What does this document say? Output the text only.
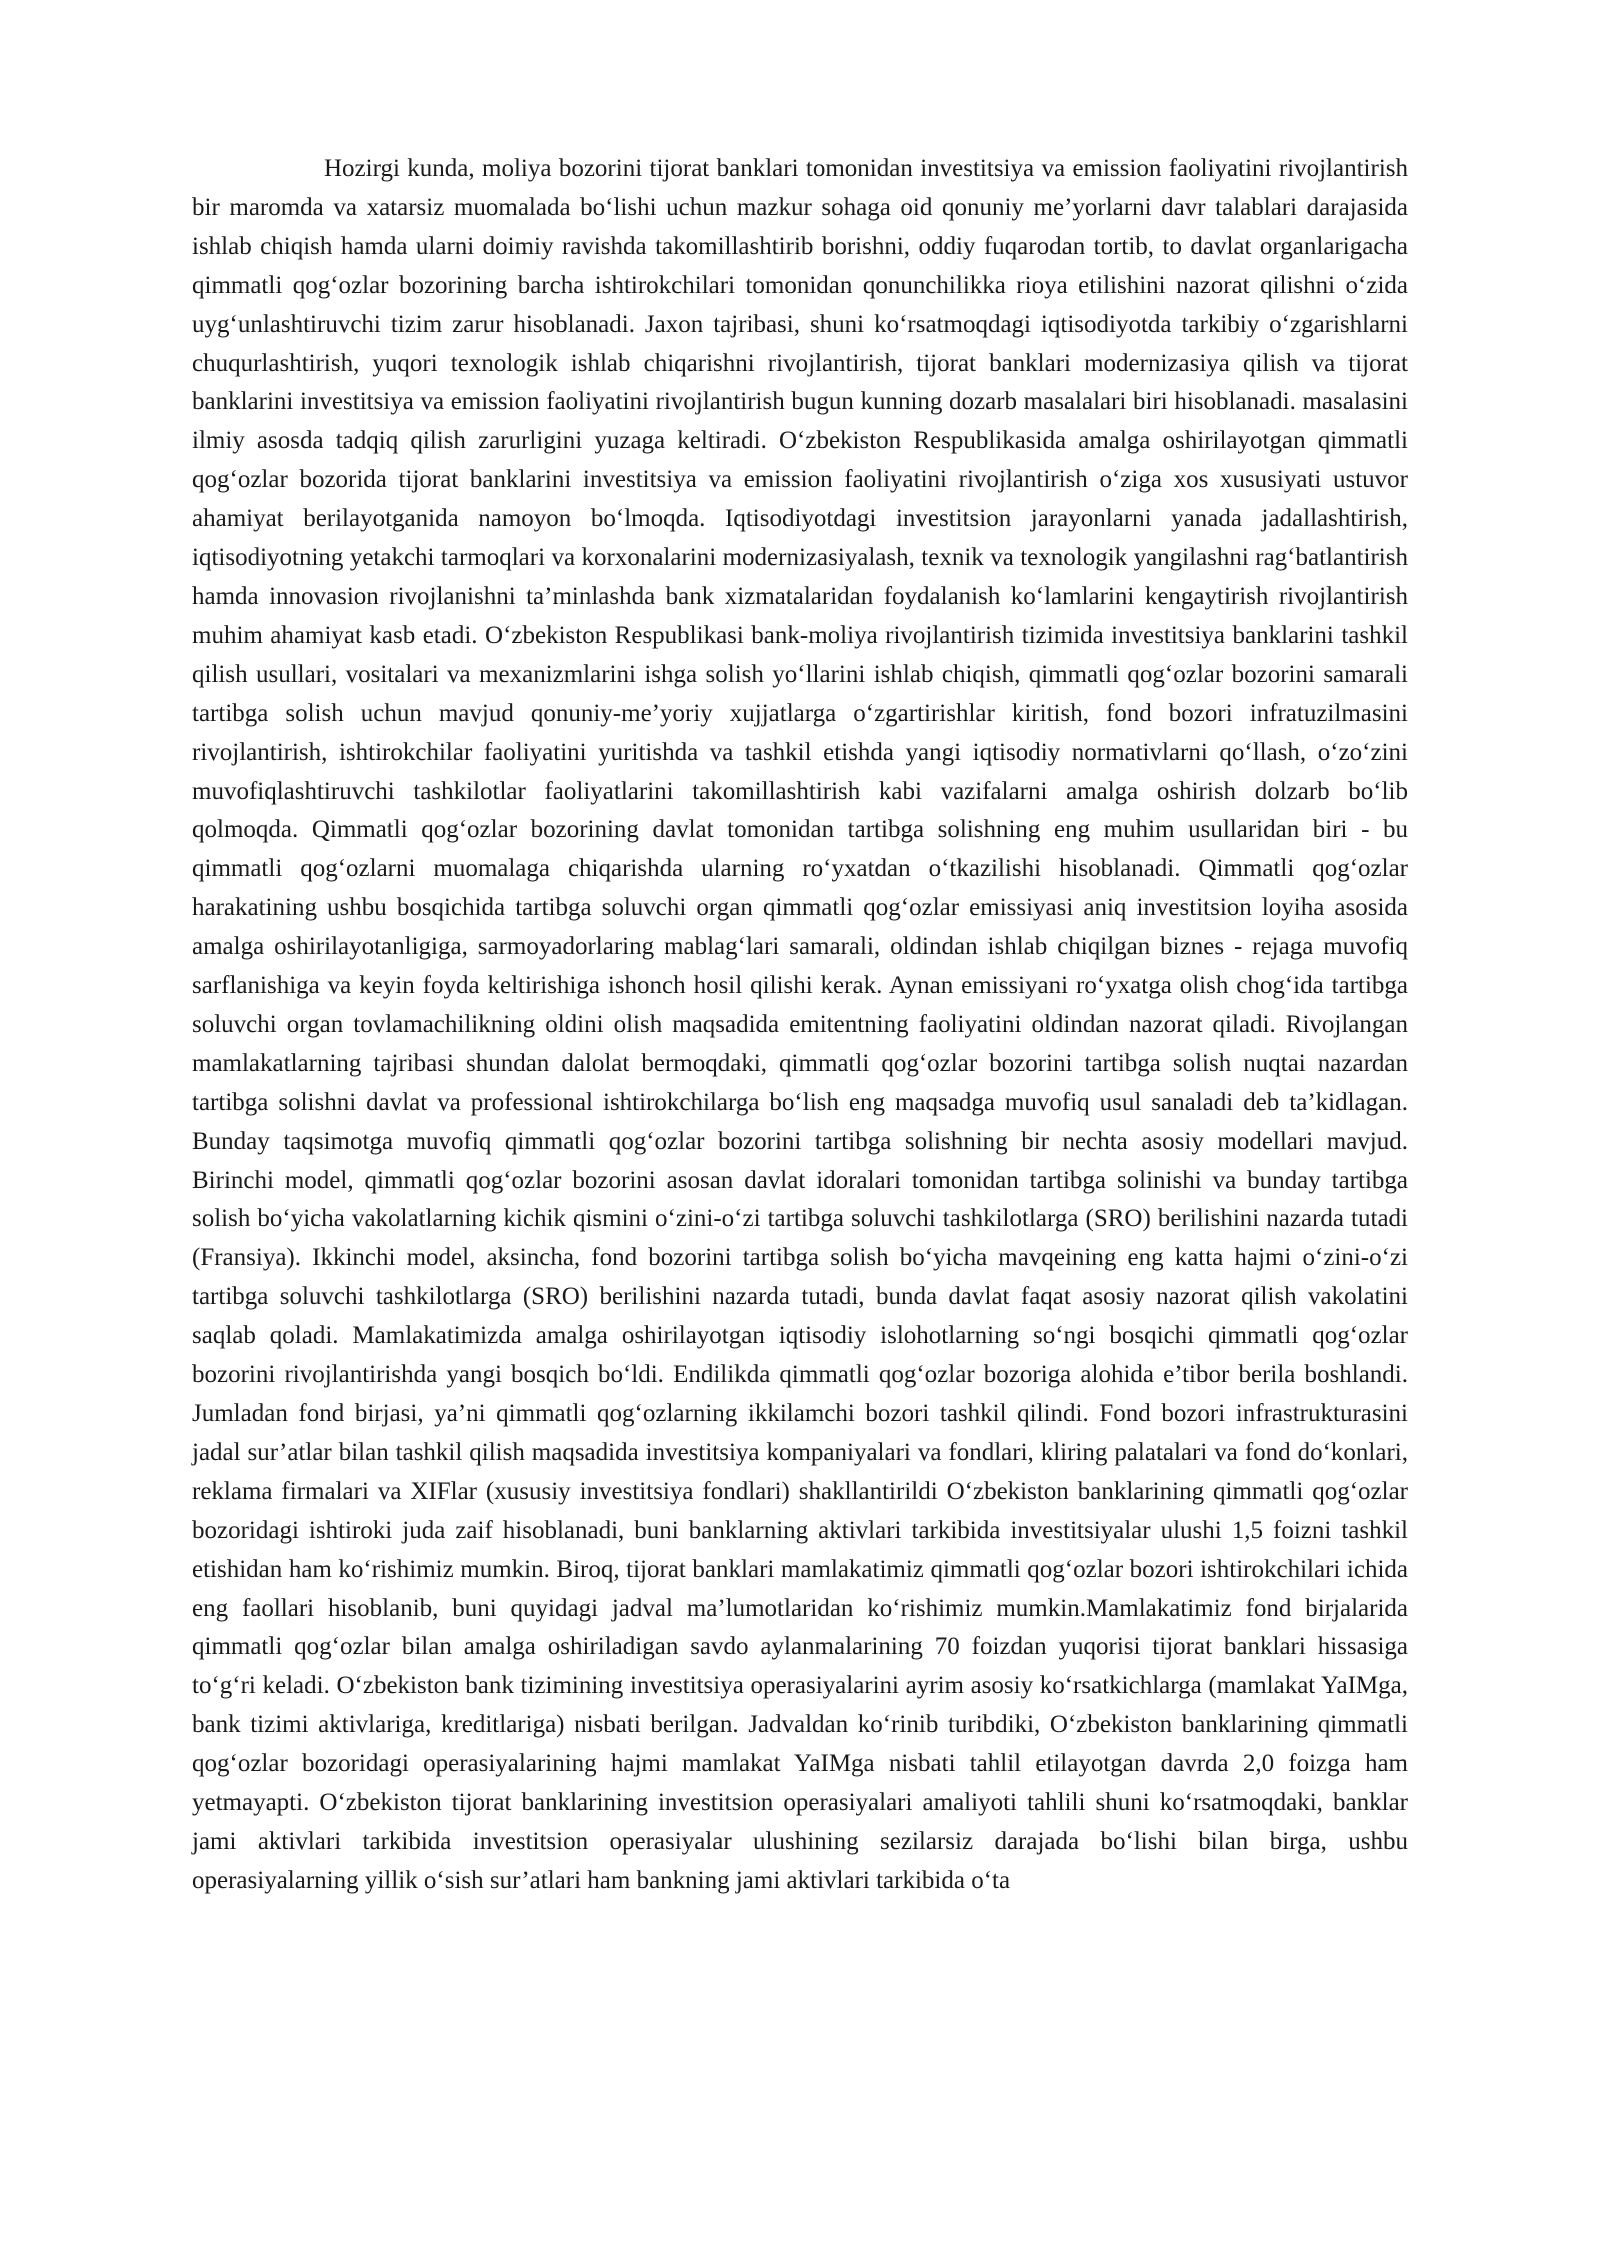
Hozirgi kunda, moliya bozorini tijorat banklari tomonidan investitsiya va emission faoliyatini rivojlantirish bir maromda va xatarsiz muomalada bo‘lishi uchun mazkur sohaga oid qonuniy me’yorlarni davr talablari darajasida ishlab chiqish hamda ularni doimiy ravishda takomillashtirib borishni, oddiy fuqarodan tortib, to davlat organlarigacha qimmatli qog‘ozlar bozorining barcha ishtirokchilari tomonidan qonunchilikka rioya etilishini nazorat qilishni o‘zida uyg‘unlashtiruvchi tizim zarur hisoblanadi. Jaxon tajribasi, shuni ko‘rsatmoqdagi iqtisodiyotda tarkibiy o‘zgarishlarni chuqurlashtirish, yuqori texnologik ishlab chiqarishni rivojlantirish, tijorat banklari modernizasiya qilish va tijorat banklarini investitsiya va emission faoliyatini rivojlantirish bugun kunning dozarb masalalari biri hisoblanadi. masalasini ilmiy asosda tadqiq qilish zarurligini yuzaga keltiradi. O‘zbekiston Respublikasida amalga oshirilayotgan qimmatli qog‘ozlar bozorida tijorat banklarini investitsiya va emission faoliyatini rivojlantirish o‘ziga xos xususiyati ustuvor ahamiyat berilayotganida namoyon bo‘lmoqda. Iqtisodiyotdagi investitsion jarayonlarni yanada jadallashtirish, iqtisodiyotning yetakchi tarmoqlari va korxonalarini modernizasiyalash, texnik va texnologik yangilashni rag‘batlantirish hamda innovasion rivojlanishni ta’minlashda bank xizmatalaridan foydalanish ko‘lamlarini kengaytirish rivojlantirish muhim ahamiyat kasb etadi. O‘zbekiston Respublikasi bank-moliya rivojlantirish tizimida investitsiya banklarini tashkil qilish usullari, vositalari va mexanizmlarini ishga solish yo‘llarini ishlab chiqish, qimmatli qog‘ozlar bozorini samarali tartibga solish uchun mavjud qonuniy-me’yoriy xujjatlarga o‘zgartirishlar kiritish, fond bozori infratuzilmasini rivojlantirish, ishtirokchilar faoliyatini yuritishda va tashkil etishda yangi iqtisodiy normativlarni qo‘llash, o‘zo‘zini muvofiqlashtiruvchi tashkilotlar faoliyatlarini takomillashtirish kabi vazifalarni amalga oshirish dolzarb bo‘lib qolmoqda. Qimmatli qog‘ozlar bozorining davlat tomonidan tartibga solishning eng muhim usullaridan biri - bu qimmatli qog‘ozlarni muomalaga chiqarishda ularning ro‘yxatdan o‘tkazilishi hisoblanadi. Qimmatli qog‘ozlar harakatining ushbu bosqichida tartibga soluvchi organ qimmatli qog‘ozlar emissiyasi aniq investitsion loyiha asosida amalga oshirilayotanligiga, sarmoyadorlaring mablag‘lari samarali, oldindan ishlab chiqilgan biznes - rejaga muvofiq sarflanishiga va keyin foyda keltirishiga ishonch hosil qilishi kerak. Aynan emissiyani ro‘yxatga olish chog‘ida tartibga soluvchi organ tovlamachilikning oldini olish maqsadida emitentning faoliyatini oldindan nazorat qiladi. Rivojlangan mamlakatlarning tajribasi shundan dalolat bermoqdaki, qimmatli qog‘ozlar bozorini tartibga solish nuqtai nazardan tartibga solishni davlat va professional ishtirokchilarga bo‘lish eng maqsadga muvofiq usul sanaladi deb ta’kidlagan. Bunday taqsimotga muvofiq qimmatli qog‘ozlar bozorini tartibga solishning bir nechta asosiy modellari mavjud. Birinchi model, qimmatli qog‘ozlar bozorini asosan davlat idoralari tomonidan tartibga solinishi va bunday tartibga solish bo‘yicha vakolatlarning kichik qismini o‘zini-o‘zi tartibga soluvchi tashkilotlarga (SRO) berilishini nazarda tutadi (Fransiya). Ikkinchi model, aksincha, fond bozorini tartibga solish bo‘yicha mavqeining eng katta hajmi o‘zini-o‘zi tartibga soluvchi tashkilotlarga (SRO) berilishini nazarda tutadi, bunda davlat faqat asosiy nazorat qilish vakolatini saqlab qoladi. Mamlakatimizda amalga oshirilayotgan iqtisodiy islohotlarning so‘ngi bosqichi qimmatli qog‘ozlar bozorini rivojlantirishda yangi bosqich bo‘ldi. Endilikda qimmatli qog‘ozlar bozoriga alohida e’tibor berila boshlandi. Jumladan fond birjasi, ya’ni qimmatli qog‘ozlarning ikkilamchi bozori tashkil qilindi. Fond bozori infrastrukturasini jadal sur’atlar bilan tashkil qilish maqsadida investitsiya kompaniyalari va fondlari, kliring palatalari va fond do‘konlari, reklama firmalari va XIFlar (xususiy investitsiya fondlari) shakllantirildi O‘zbekiston banklarining qimmatli qog‘ozlar bozoridagi ishtiroki juda zaif hisoblanadi, buni banklarning aktivlari tarkibida investitsiyalar ulushi 1,5 foizni tashkil etishidan ham ko‘rishimiz mumkin. Biroq, tijorat banklari mamlakatimiz qimmatli qog‘ozlar bozori ishtirokchilari ichida eng faollari hisoblanib, buni quyidagi jadval ma’lumotlaridan ko‘rishimiz mumkin.Mamlakatimiz fond birjalarida qimmatli qog‘ozlar bilan amalga oshiriladigan savdo aylanmalarining 70 foizdan yuqorisi tijorat banklari hissasiga to‘g‘ri keladi. O‘zbekiston bank tizimining investitsiya operasiyalarini ayrim asosiy ko‘rsatkichlarga (mamlakat YaIMga, bank tizimi aktivlariga, kreditlariga) nisbati berilgan. Jadvaldan ko‘rinib turibdiki, O‘zbekiston banklarining qimmatli qog‘ozlar bozoridagi operasiyalarining hajmi mamlakat YaIMga nisbati tahlil etilayotgan davrda 2,0 foizga ham yetmayapti. O‘zbekiston tijorat banklarining investitsion operasiyalari amaliyoti tahlili shuni ko‘rsatmoqdaki, banklar jami aktivlari tarkibida investitsion operasiyalar ulushining sezilarsiz darajada bo‘lishi bilan birga, ushbu operasiyalarning yillik o‘sish sur’atlari ham bankning jami aktivlari tarkibida o‘ta
